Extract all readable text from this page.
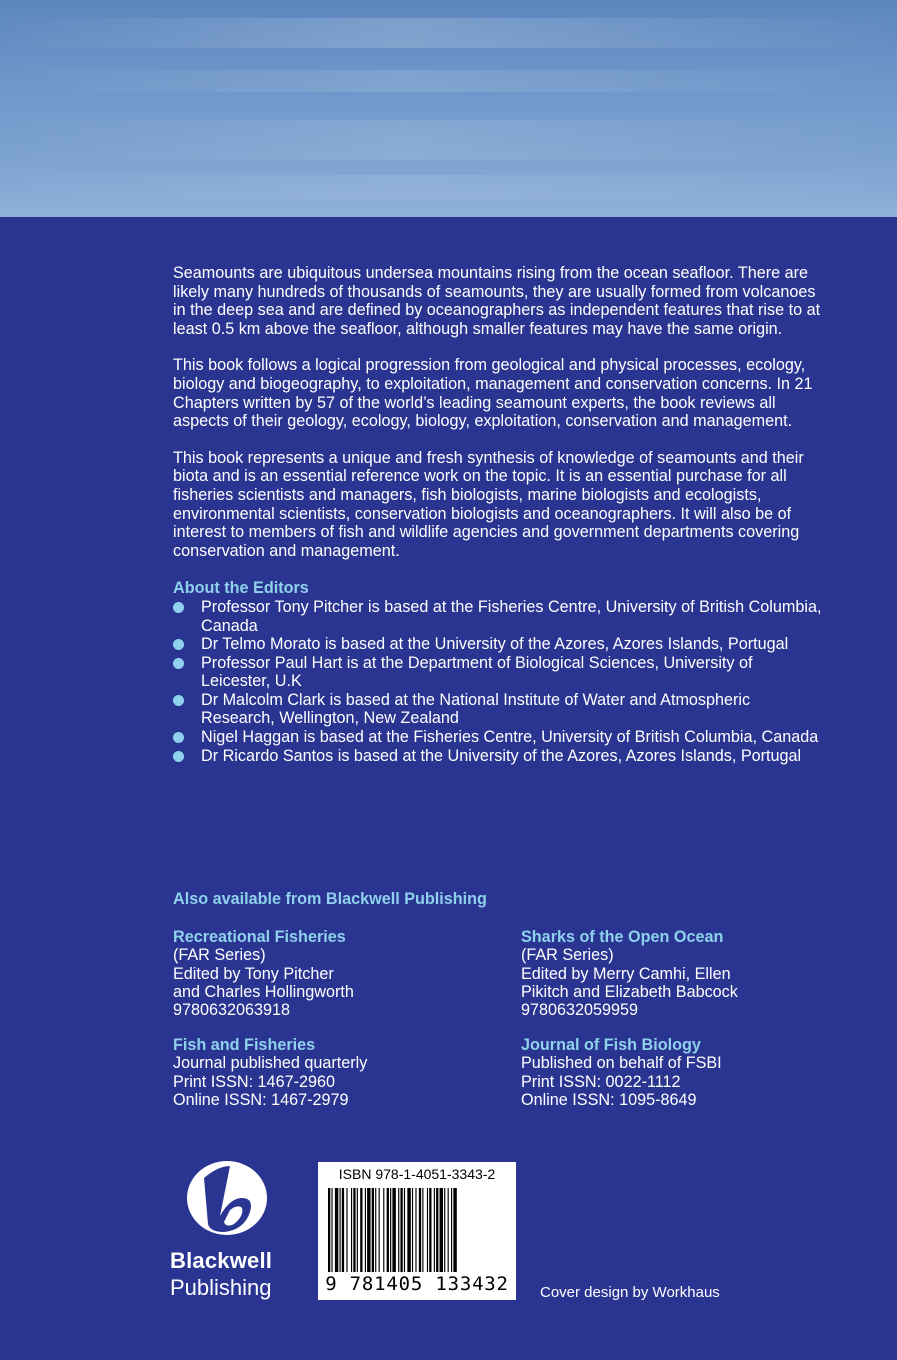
Seamounts are ubiquitous undersea mountains rising from the ocean seafloor. There are likely many hundreds of thousands of seamounts, they are usually formed from volcanoes in the deep sea and are defined by oceanographers as independent features that rise to at least 0.5 km above the seafloor, although smaller features may have the same origin.

This book follows a logical progression from geological and physical processes, ecology, biology and biogeography, to exploitation, management and conservation concerns. In 21 Chapters written by 57 of the world’s leading seamount experts, the book reviews all aspects of their geology, ecology, biology, exploitation, conservation and management.

This book represents a unique and fresh synthesis of knowledge of seamounts and their biota and is an essential reference work on the topic. It is an essential purchase for all fisheries scientists and managers, fish biologists, marine biologists and ecologists, environmental scientists, conservation biologists and oceanographers. It will also be of interest to members of fish and wildlife agencies and government departments covering conservation and management.

About the Editors

Professor Tony Pitcher is based at the Fisheries Centre, University of British Columbia, Canada
Dr Telmo Morato is based at the University of the Azores, Azores Islands, Portugal
Professor Paul Hart is at the Department of Biological Sciences, University of Leicester, U.K
Dr Malcolm Clark is based at the National Institute of Water and Atmospheric Research, Wellington, New Zealand
Nigel Haggan is based at the Fisheries Centre, University of British Columbia, Canada
Dr Ricardo Santos is based at the University of the Azores, Azores Islands, Portugal

Also available from Blackwell Publishing

Recreational Fisheries
(FAR Series)
Edited by Tony Pitcher
and Charles Hollingworth
9780632063918
Sharks of the Open Ocean
(FAR Series)
Edited by Merry Camhi, Ellen
Pikitch and Elizabeth Babcock
9780632059959
Fish and Fisheries
Journal published quarterly
Print ISSN: 1467-2960
Online ISSN: 1467-2979
Journal of Fish Biology
Published on behalf of FSBI
Print ISSN: 0022-1112
Online ISSN: 1095-8649
Blackwell
Publishing
ISBN 978-1-4051-3343-2
9 781405 133432	Cover design by Workhaus
